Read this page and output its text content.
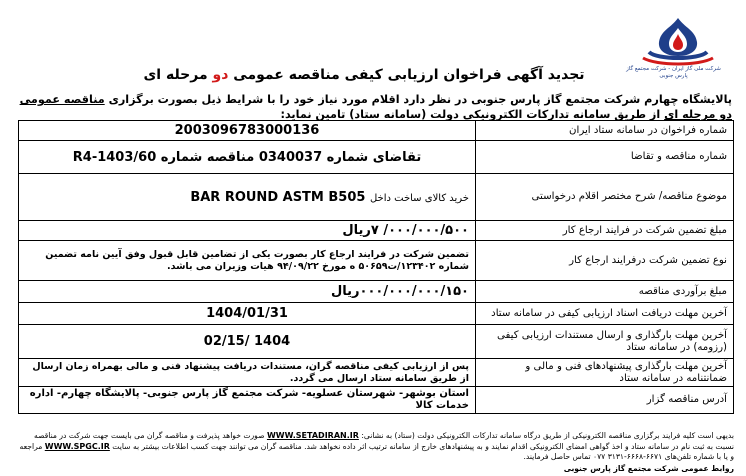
شرکت ملی گاز ایران - شرکت مجتمع گاز پارس جنوبی
تجدید آگهی فراخوان ارزیابی کیفی مناقصه عمومی دو مرحله ای
پالایشگاه چهارم شرکت مجتمع گاز پارس جنوبی در نظر دارد اقلام مورد نیاز خود را با شرایط ذیل بصورت برگزاری مناقصه عمومی دو مرحله ای از طریق سامانه تدارکات الکترونیکی دولت (سامانه ستاد) تامین نماید:
شماره فراخوان در سامانه ستاد ایران	2003096783000136
شماره مناقصه و تقاضا	تقاضای شماره 0340037 مناقصه شماره R4-1403/60
موضوع مناقصه/ شرح مختصر اقلام درخواستی	خرید کالای ساخت داخل BAR ROUND ASTM B505
مبلغ تضمین شرکت در فرایند ارجاع کار	۰۰۰/۰۰۰/۵۰۰/ ۷ریال
نوع تضمین شرکت درفرایند ارجاع کار	تضمین شرکت در فرایند ارجاع کار بصورت یکی از تضامین قابل قبول وفق آیین نامه تضمین شماره ۱۲۳۴۰۲/ت۵۰۶۵۹ ه مورخ ۹۴/۰۹/۲۲ هیات وزیران می باشد.
مبلغ برآوردی مناقصه	۰۰۰/۰۰۰/۰۰۰/۱۵۰ریال
آخرین مهلت دریافت اسناد ارزیابی کیفی در سامانه ستاد	1404/01/31
آخرین مهلت بارگذاری و ارسال مستندات ارزیابی کیفی (رزومه) در سامانه ستاد	1404 /02/15
آخرین مهلت بارگذاری پیشنهادهای فنی و مالی و ضمانتنامه در سامانه ستاد	پس از ارزیابی کیفی مناقصه گران، مستندات دریافت پیشنهاد فنی و مالی بهمراه زمان ارسال از طریق سامانه ستاد ارسال می گردد.
آدرس مناقصه گزار	استان بوشهر- شهرستان عسلویه- شرکت مجتمع گاز پارس جنوبی- پالایشگاه چهارم- اداره خدمات کالا
بدیهی است کلیه فرایند برگزاری مناقصه الکترونیکی از طریق درگاه سامانه تدارکات الکترونیکی دولت (ستاد) به نشانی: WWW.SETADIRAN.IR صورت خواهد پذیرفت و مناقصه گران می بایست جهت شرکت در مناقصه نسبت به ثبت نام در سامانه ستاد و اخذ گواهی امضای الکترونیکی اقدام نمایند و به پیشنهادهای خارج از سامانه ترتیب اثر داده نخواهد شد. مناقصه گران می توانند جهت کسب اطلاعات بیشتر به سایت WWW.SPGC.IR مراجعه و یا با شماره تلفن‌های ۶۶۷۱-۶۶۶۸-۳۱۳۱ ۰۷۷ تماس حاصل فرمایند.
روابط عمومی شرکت مجتمع گاز پارس جنوبی
